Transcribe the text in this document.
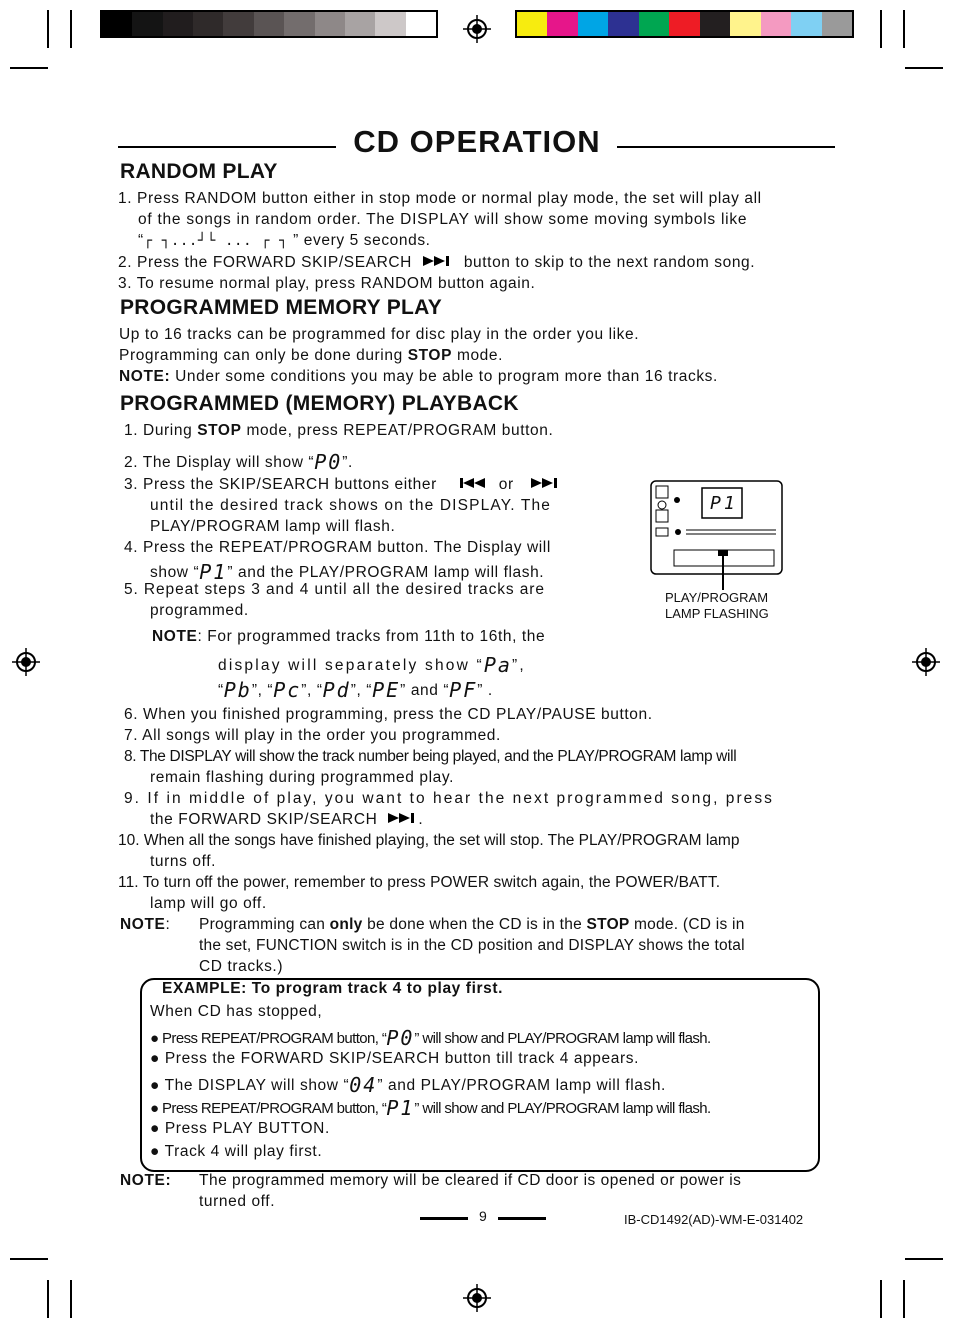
CD OPERATION
RANDOM PLAY
1. Press RANDOM button either in stop mode or normal play mode, the set will play all
of the songs in random order. The DISPLAY will show some moving symbols like
“┌ ┐...┘└ ... ┌ ┐ ” every 5 seconds.
2. Press the FORWARD SKIP/SEARCH	button to skip to the next random song.
3. To resume normal play, press RANDOM button again.
PROGRAMMED MEMORY PLAY
Up to 16 tracks can be programmed for disc play in the order you like.
Programming can only be done during STOP mode.
NOTE: Under some conditions you may be able to program more than 16 tracks.
PROGRAMMED (MEMORY) PLAYBACK
1. During STOP mode, press REPEAT/PROGRAM button.
2. The Display will show “P0”.
3. Press the SKIP/SEARCH buttons either	or
until the desired track shows on the DISPLAY. The
PLAY/PROGRAM lamp will flash.
4. Press the REPEAT/PROGRAM button. The Display will
show “P1” and the PLAY/PROGRAM lamp will flash.
5. Repeat steps 3 and 4 until all the desired tracks are
programmed.
NOTE: For programmed tracks from 11th to 16th, the
display will separately show “Pa”,
“Pb”, “Pc”, “Pd”, “PE” and “PF” .
P1
PLAY/PROGRAM
LAMP FLASHING
6. When you finished programming, press the CD PLAY/PAUSE button.
7. All songs will play in the order you programmed.
8. The DISPLAY will show the track number being played, and the PLAY/PROGRAM lamp will
remain flashing during programmed play.
9. If in middle of play, you want to hear the next programmed song, press
the FORWARD SKIP/SEARCH	.
10. When all the songs have finished playing, the set will stop. The PLAY/PROGRAM lamp
turns off.
11. To turn off the power, remember to press POWER switch again, the POWER/BATT.
lamp will go off.
NOTE: Programming can only be done when the CD is in the STOP mode. (CD is in
the set, FUNCTION switch is in the CD position and DISPLAY shows the total
CD tracks.)
EXAMPLE: To program track 4 to play first.
When CD has stopped,
● Press REPEAT/PROGRAM button, “P0” will show and PLAY/PROGRAM lamp will flash.
● Press the FORWARD SKIP/SEARCH button till track 4 appears.
● The DISPLAY will show “04” and PLAY/PROGRAM lamp will flash.
● Press REPEAT/PROGRAM button, “P1” will show and PLAY/PROGRAM lamp will flash.
● Press PLAY BUTTON.
● Track 4 will play first.
NOTE: The programmed memory will be cleared if CD door is opened or power is
turned off.
9	IB-CD1492(AD)-WM-E-031402
